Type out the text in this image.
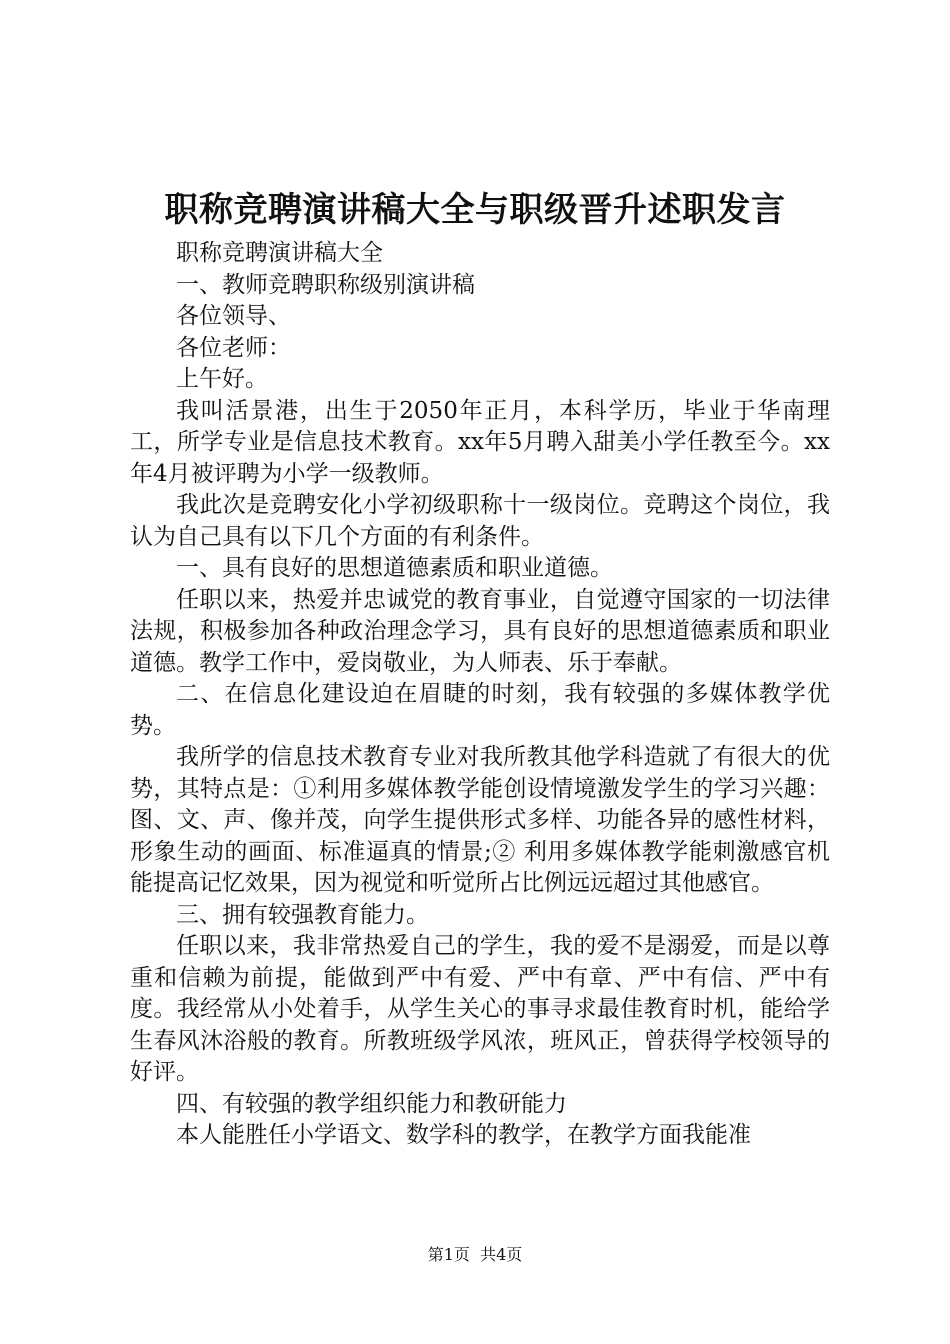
职称竞聘演讲稿大全与职级晋升述职发言

职称竞聘演讲稿大全

一、教师竞聘职称级别演讲稿

各位领导、

各位老师：

上午好。

我叫活景港，出生于2050年正月，本科学历，毕业于华南理工，所学专业是信息技术教育。xx年5月聘入甜美小学任教至今。xx年4月被评聘为小学一级教师。

我此次是竞聘安化小学初级职称十一级岗位。竞聘这个岗位，我认为自己具有以下几个方面的有利条件。

一、具有良好的思想道德素质和职业道德。

任职以来，热爱并忠诚党的教育事业，自觉遵守国家的一切法律法规，积极参加各种政治理念学习，具有良好的思想道德素质和职业道德。教学工作中，爱岗敬业，为人师表、乐于奉献。

二、在信息化建设迫在眉睫的时刻，我有较强的多媒体教学优势。

我所学的信息技术教育专业对我所教其他学科造就了有很大的优势，其特点是：①利用多媒体教学能创设情境激发学生的学习兴趣：图、文、声、像并茂，向学生提供形式多样、功能各异的感性材料，形象生动的画面、标准逼真的情景;② 利用多媒体教学能刺激感官机能提高记忆效果，因为视觉和听觉所占比例远远超过其他感官。

三、拥有较强教育能力。

任职以来，我非常热爱自己的学生，我的爱不是溺爱，而是以尊重和信赖为前提，能做到严中有爱、严中有章、严中有信、严中有度。我经常从小处着手，从学生关心的事寻求最佳教育时机，能给学生春风沐浴般的教育。所教班级学风浓，班风正，曾获得学校领导的好评。

四、有较强的教学组织能力和教研能力

本人能胜任小学语文、数学科的教学，在教学方面我能准

第1页  共4页
